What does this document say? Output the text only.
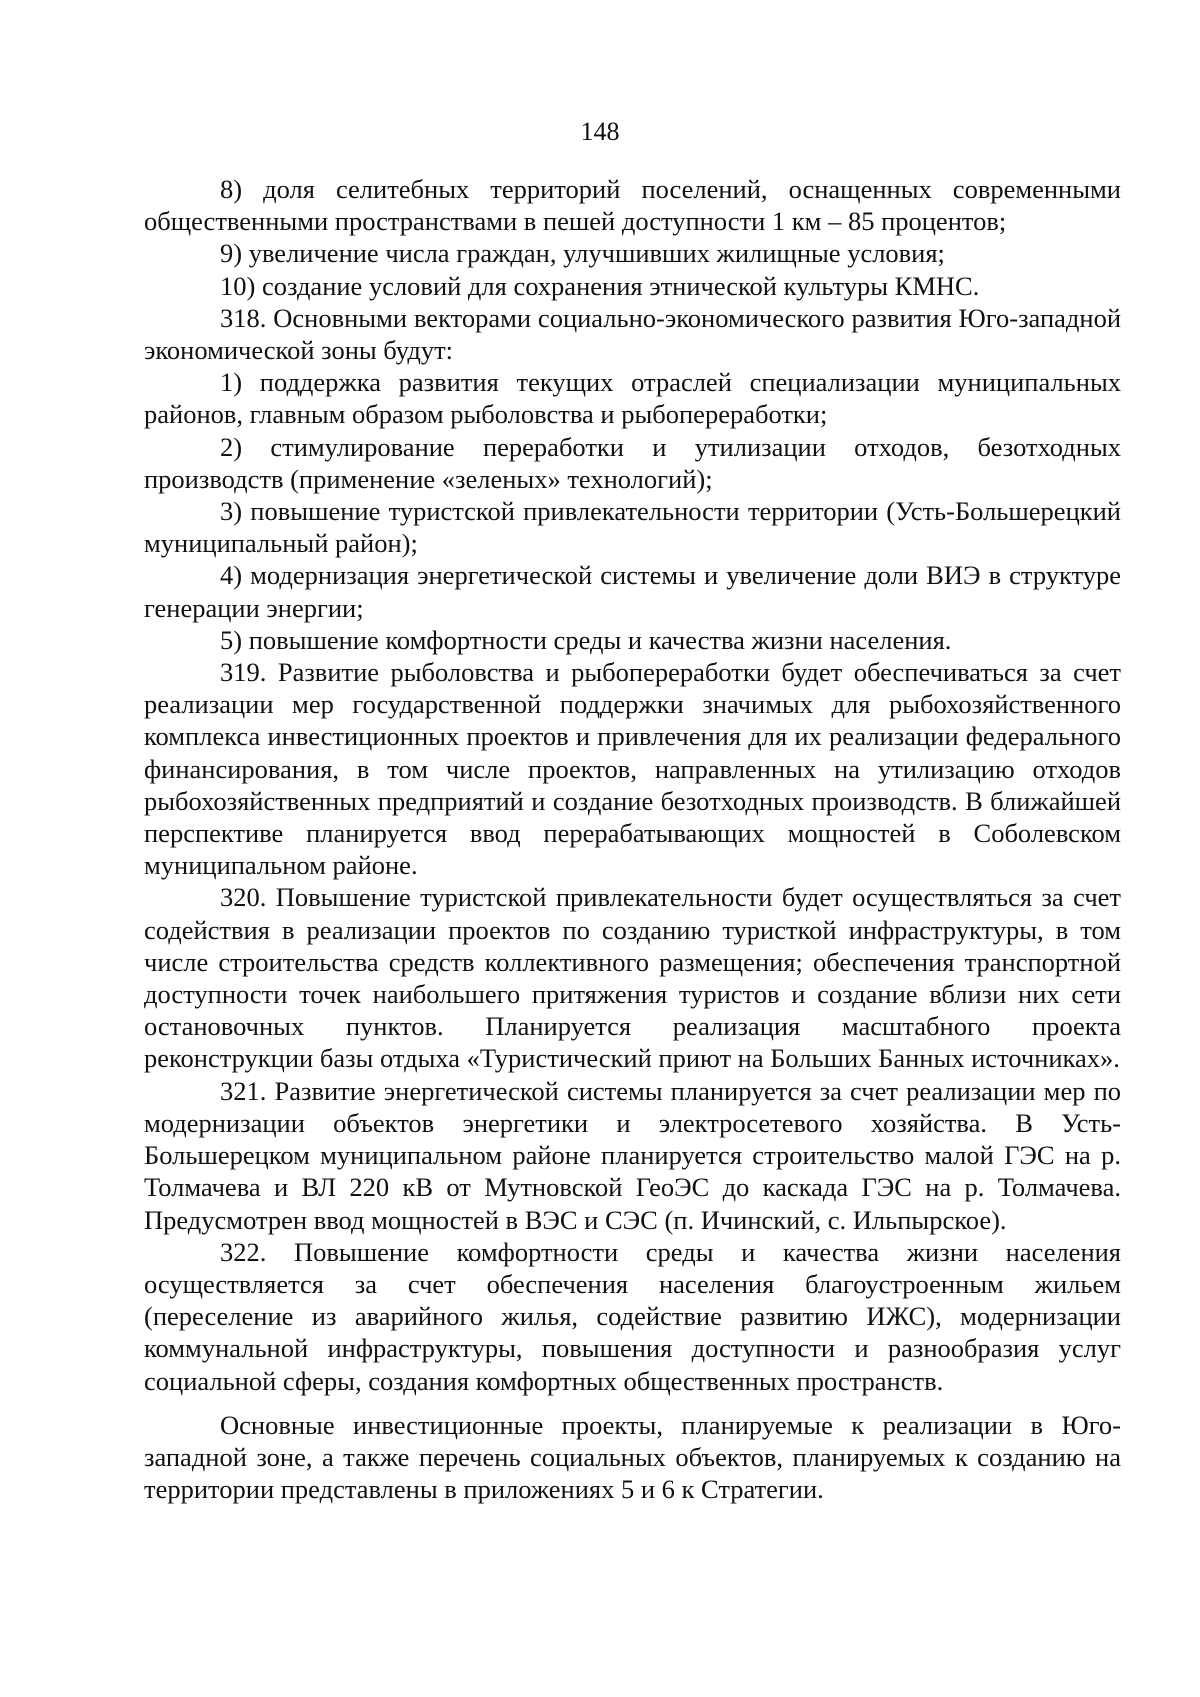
148

8) доля селитебных территорий поселений, оснащенных современными общественными пространствами в пешей доступности 1 км – 85 процентов;

9) увеличение числа граждан, улучшивших жилищные условия;

10) создание условий для сохранения этнической культуры КМНС.

318. Основными векторами социально-экономического развития Юго-западной экономической зоны будут:

1) поддержка развития текущих отраслей специализации муниципальных районов, главным образом рыболовства и рыбопереработки;

2) стимулирование переработки и утилизации отходов, безотходных производств (применение «зеленых» технологий);

3) повышение туристской привлекательности территории (Усть-Большерецкий муниципальный район);

4) модернизация энергетической системы и увеличение доли ВИЭ в структуре генерации энергии;

5) повышение комфортности среды и качества жизни населения.

319. Развитие рыболовства и рыбопереработки будет обеспечиваться за счет реализации мер государственной поддержки значимых для рыбохозяйственного комплекса инвестиционных проектов и привлечения для их реализации федерального финансирования, в том числе проектов, направленных на утилизацию отходов рыбохозяйственных предприятий и создание безотходных производств. В ближайшей перспективе планируется ввод перерабатывающих мощностей в Соболевском муниципальном районе.

320. Повышение туристской привлекательности будет осуществляться за счет содействия в реализации проектов по созданию туристкой инфраструктуры, в том числе строительства средств коллективного размещения; обеспечения транспортной доступности точек наибольшего притяжения туристов и создание вблизи них сети остановочных пунктов. Планируется реализация масштабного проекта реконструкции базы отдыха «Туристический приют на Больших Банных источниках».

321. Развитие энергетической системы планируется за счет реализации мер по модернизации объектов энергетики и электросетевого хозяйства. В Усть-Большерецком муниципальном районе планируется строительство малой ГЭС на р. Толмачева и ВЛ 220 кВ от Мутновской ГеоЭС до каскада ГЭС на р. Толмачева. Предусмотрен ввод мощностей в ВЭС и СЭС (п. Ичинский, с. Ильпырское).

322. Повышение комфортности среды и качества жизни населения осуществляется за счет обеспечения населения благоустроенным жильем (переселение из аварийного жилья, содействие развитию ИЖС), модернизации коммунальной инфраструктуры, повышения доступности и разнообразия услуг социальной сферы, создания комфортных общественных пространств.

Основные инвестиционные проекты, планируемые к реализации в Юго-западной зоне, а также перечень социальных объектов, планируемых к созданию на территории представлены в приложениях 5 и 6 к Стратегии.
